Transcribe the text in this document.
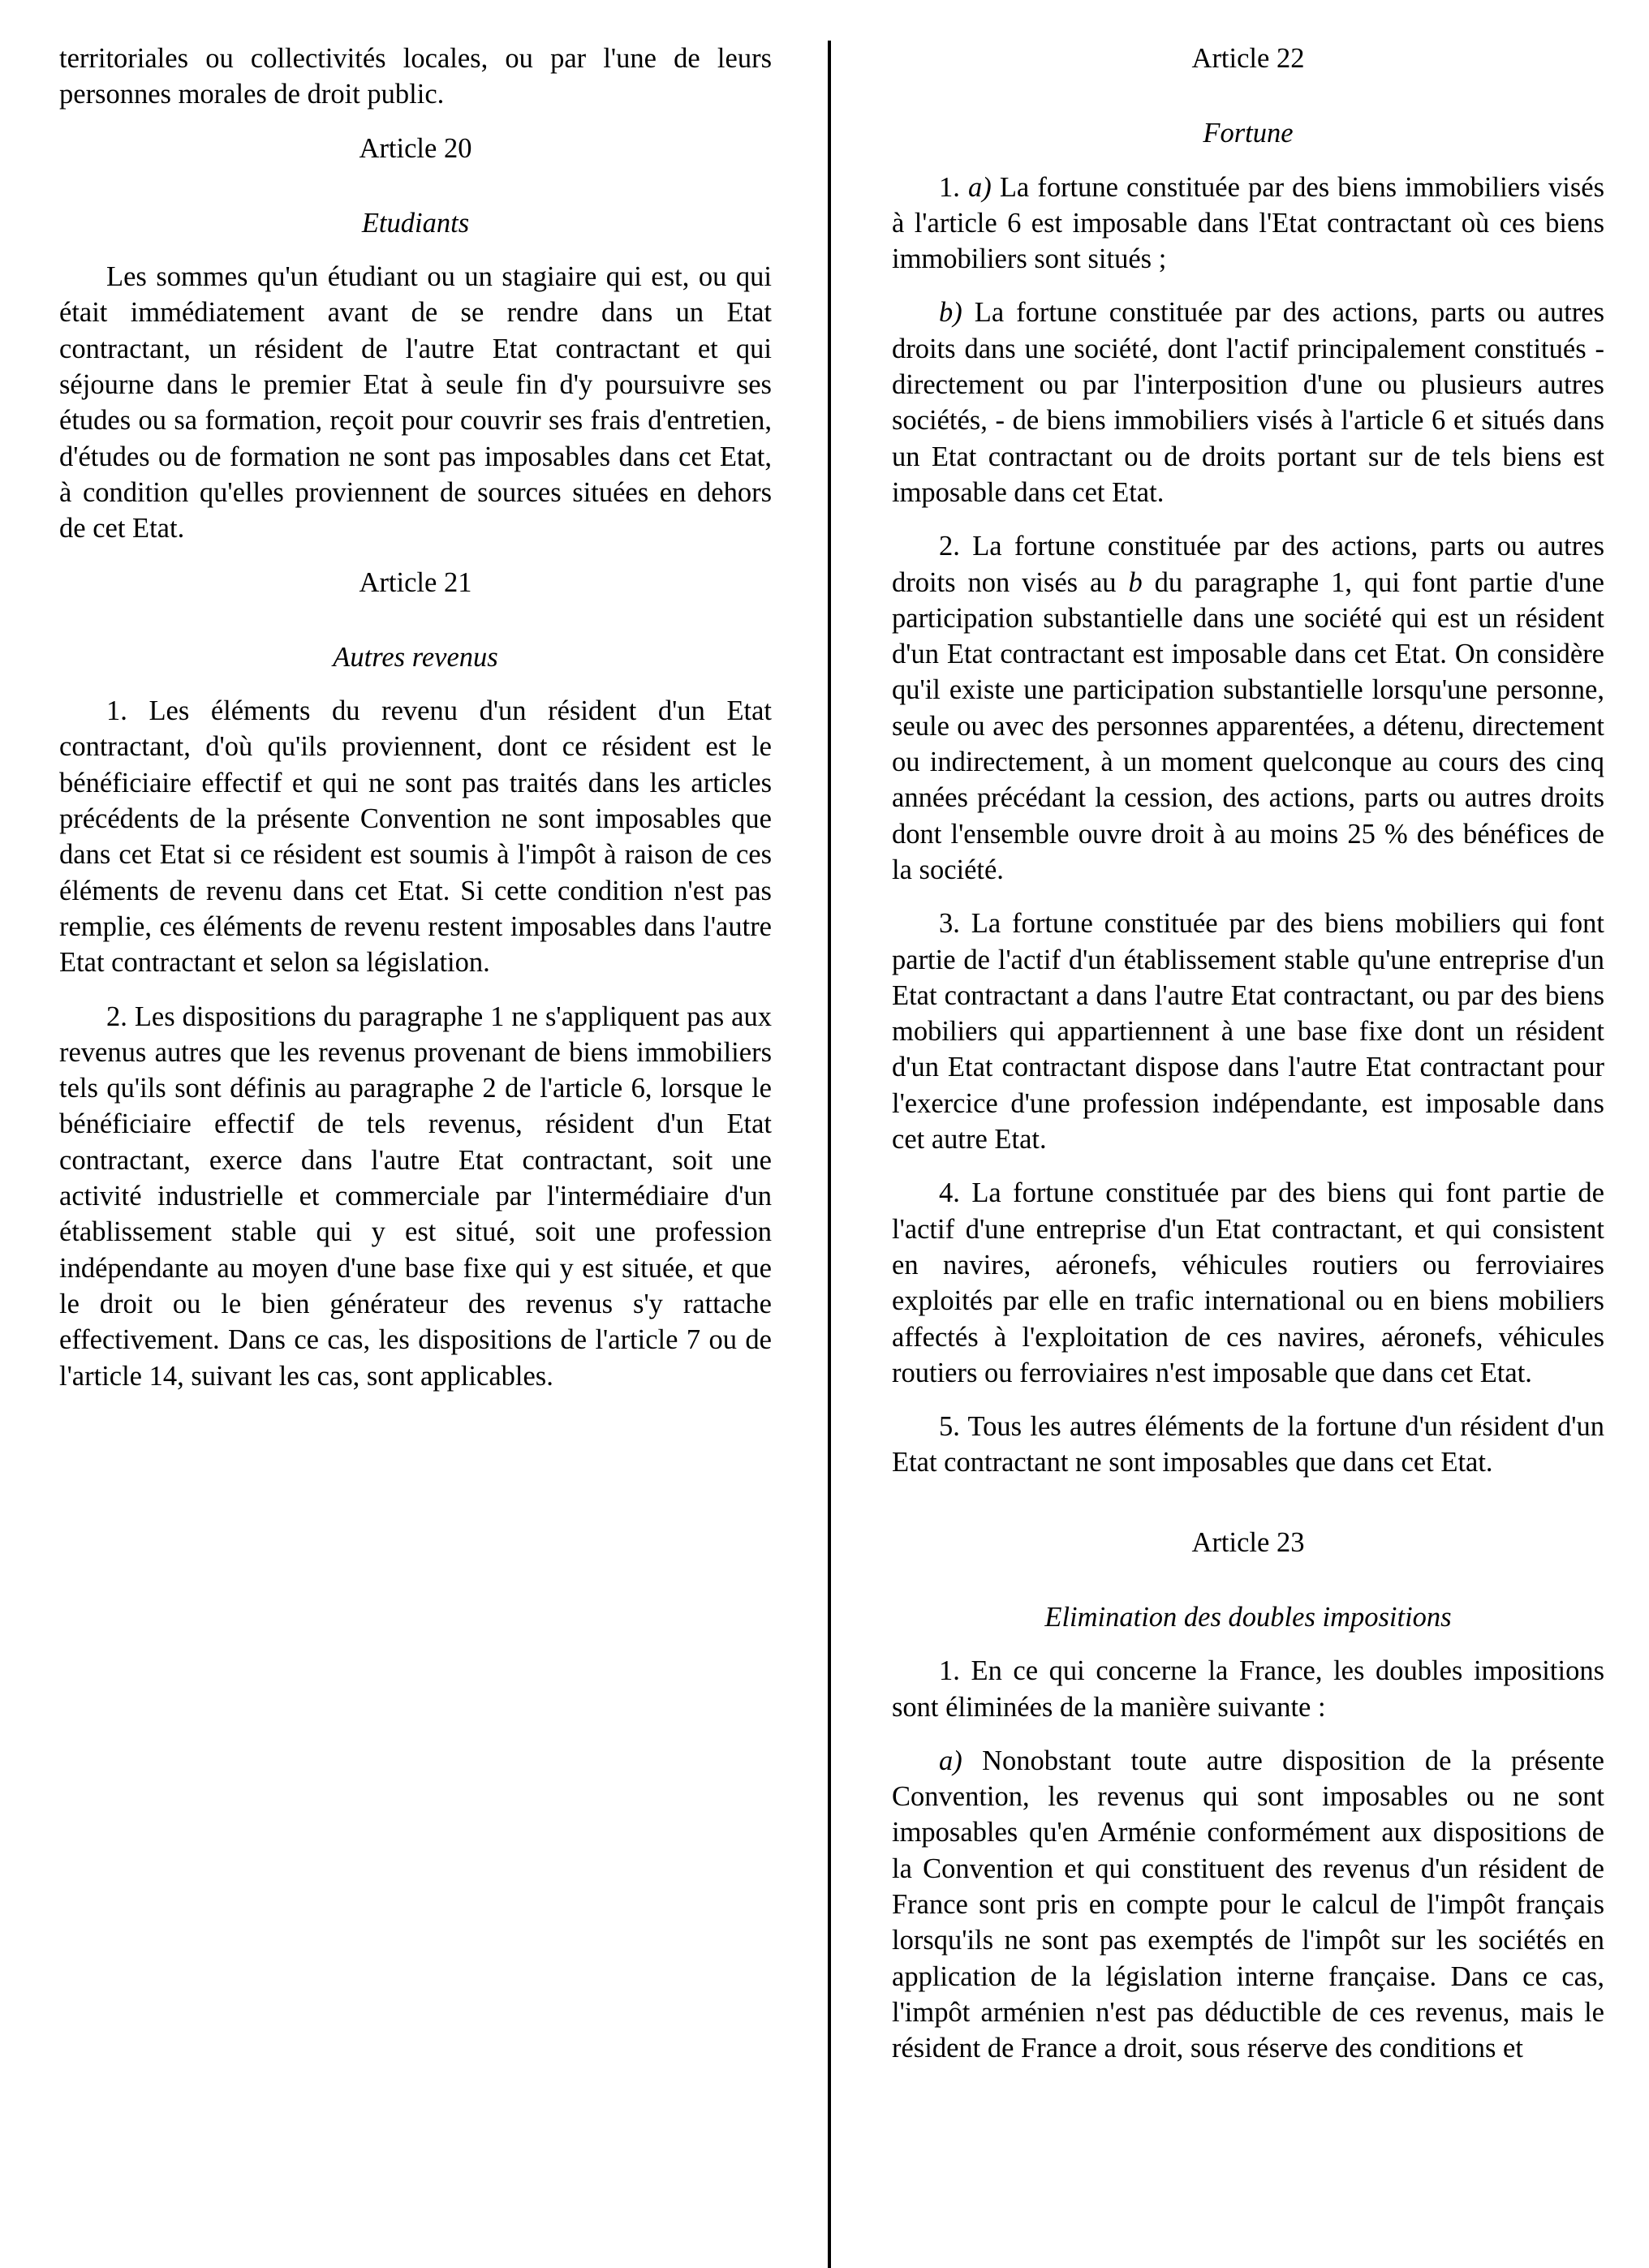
territoriales ou collectivités locales, ou par l'une de leurs personnes morales de droit public.

Article 20
Etudiants

Les sommes qu'un étudiant ou un stagiaire qui est, ou qui était immédiatement avant de se rendre dans un Etat contractant, un résident de l'autre Etat contractant et qui séjourne dans le premier Etat à seule fin d'y poursuivre ses études ou sa formation, reçoit pour couvrir ses frais d'entretien, d'études ou de formation ne sont pas imposables dans cet Etat, à condition qu'elles proviennent de sources situées en dehors de cet Etat.

Article 21
Autres revenus

1. Les éléments du revenu d'un résident d'un Etat contractant, d'où qu'ils proviennent, dont ce résident est le bénéficiaire effectif et qui ne sont pas traités dans les articles précédents de la présente Convention ne sont imposables que dans cet Etat si ce résident est soumis à l'impôt à raison de ces éléments de revenu dans cet Etat. Si cette condition n'est pas remplie, ces éléments de revenu restent imposables dans l'autre Etat contractant et selon sa législation.

2. Les dispositions du paragraphe 1 ne s'appliquent pas aux revenus autres que les revenus provenant de biens immobiliers tels qu'ils sont définis au paragraphe 2 de l'article 6, lorsque le bénéficiaire effectif de tels revenus, résident d'un Etat contractant, exerce dans l'autre Etat contractant, soit une activité industrielle et commerciale par l'intermédiaire d'un établissement stable qui y est situé, soit une profession indépendante au moyen d'une base fixe qui y est située, et que le droit ou le bien générateur des revenus s'y rattache effectivement. Dans ce cas, les dispositions de l'article 7 ou de l'article 14, suivant les cas, sont applicables.

Article 22
Fortune

1. a) La fortune constituée par des biens immobiliers visés à l'article 6 est imposable dans l'Etat contractant où ces biens immobiliers sont situés ;

b) La fortune constituée par des actions, parts ou autres droits dans une société, dont l'actif principalement constitués - directement ou par l'interposition d'une ou plusieurs autres sociétés, - de biens immobiliers visés à l'article 6 et situés dans un Etat contractant ou de droits portant sur de tels biens est imposable dans cet Etat.

2. La fortune constituée par des actions, parts ou autres droits non visés au b du paragraphe 1, qui font partie d'une participation substantielle dans une société qui est un résident d'un Etat contractant est imposable dans cet Etat. On considère qu'il existe une participation substantielle lorsqu'une personne, seule ou avec des personnes apparentées, a détenu, directement ou indirectement, à un moment quelconque au cours des cinq années précédant la cession, des actions, parts ou autres droits dont l'ensemble ouvre droit à au moins 25 % des bénéfices de la société.

3. La fortune constituée par des biens mobiliers qui font partie de l'actif d'un établissement stable qu'une entreprise d'un Etat contractant a dans l'autre Etat contractant, ou par des biens mobiliers qui appartiennent à une base fixe dont un résident d'un Etat contractant dispose dans l'autre Etat contractant pour l'exercice d'une profession indépendante, est imposable dans cet autre Etat.

4. La fortune constituée par des biens qui font partie de l'actif d'une entreprise d'un Etat contractant, et qui consistent en navires, aéronefs, véhicules routiers ou ferroviaires exploités par elle en trafic international ou en biens mobiliers affectés à l'exploitation de ces navires, aéronefs, véhicules routiers ou ferroviaires n'est imposable que dans cet Etat.

5. Tous les autres éléments de la fortune d'un résident d'un Etat contractant ne sont imposables que dans cet Etat.

Article 23
Elimination des doubles impositions

1. En ce qui concerne la France, les doubles impositions sont éliminées de la manière suivante :

a) Nonobstant toute autre disposition de la présente Convention, les revenus qui sont imposables ou ne sont imposables qu'en Arménie conformément aux dispositions de la Convention et qui constituent des revenus d'un résident de France sont pris en compte pour le calcul de l'impôt français lorsqu'ils ne sont pas exemptés de l'impôt sur les sociétés en application de la législation interne française. Dans ce cas, l'impôt arménien n'est pas déductible de ces revenus, mais le résident de France a droit, sous réserve des conditions et
